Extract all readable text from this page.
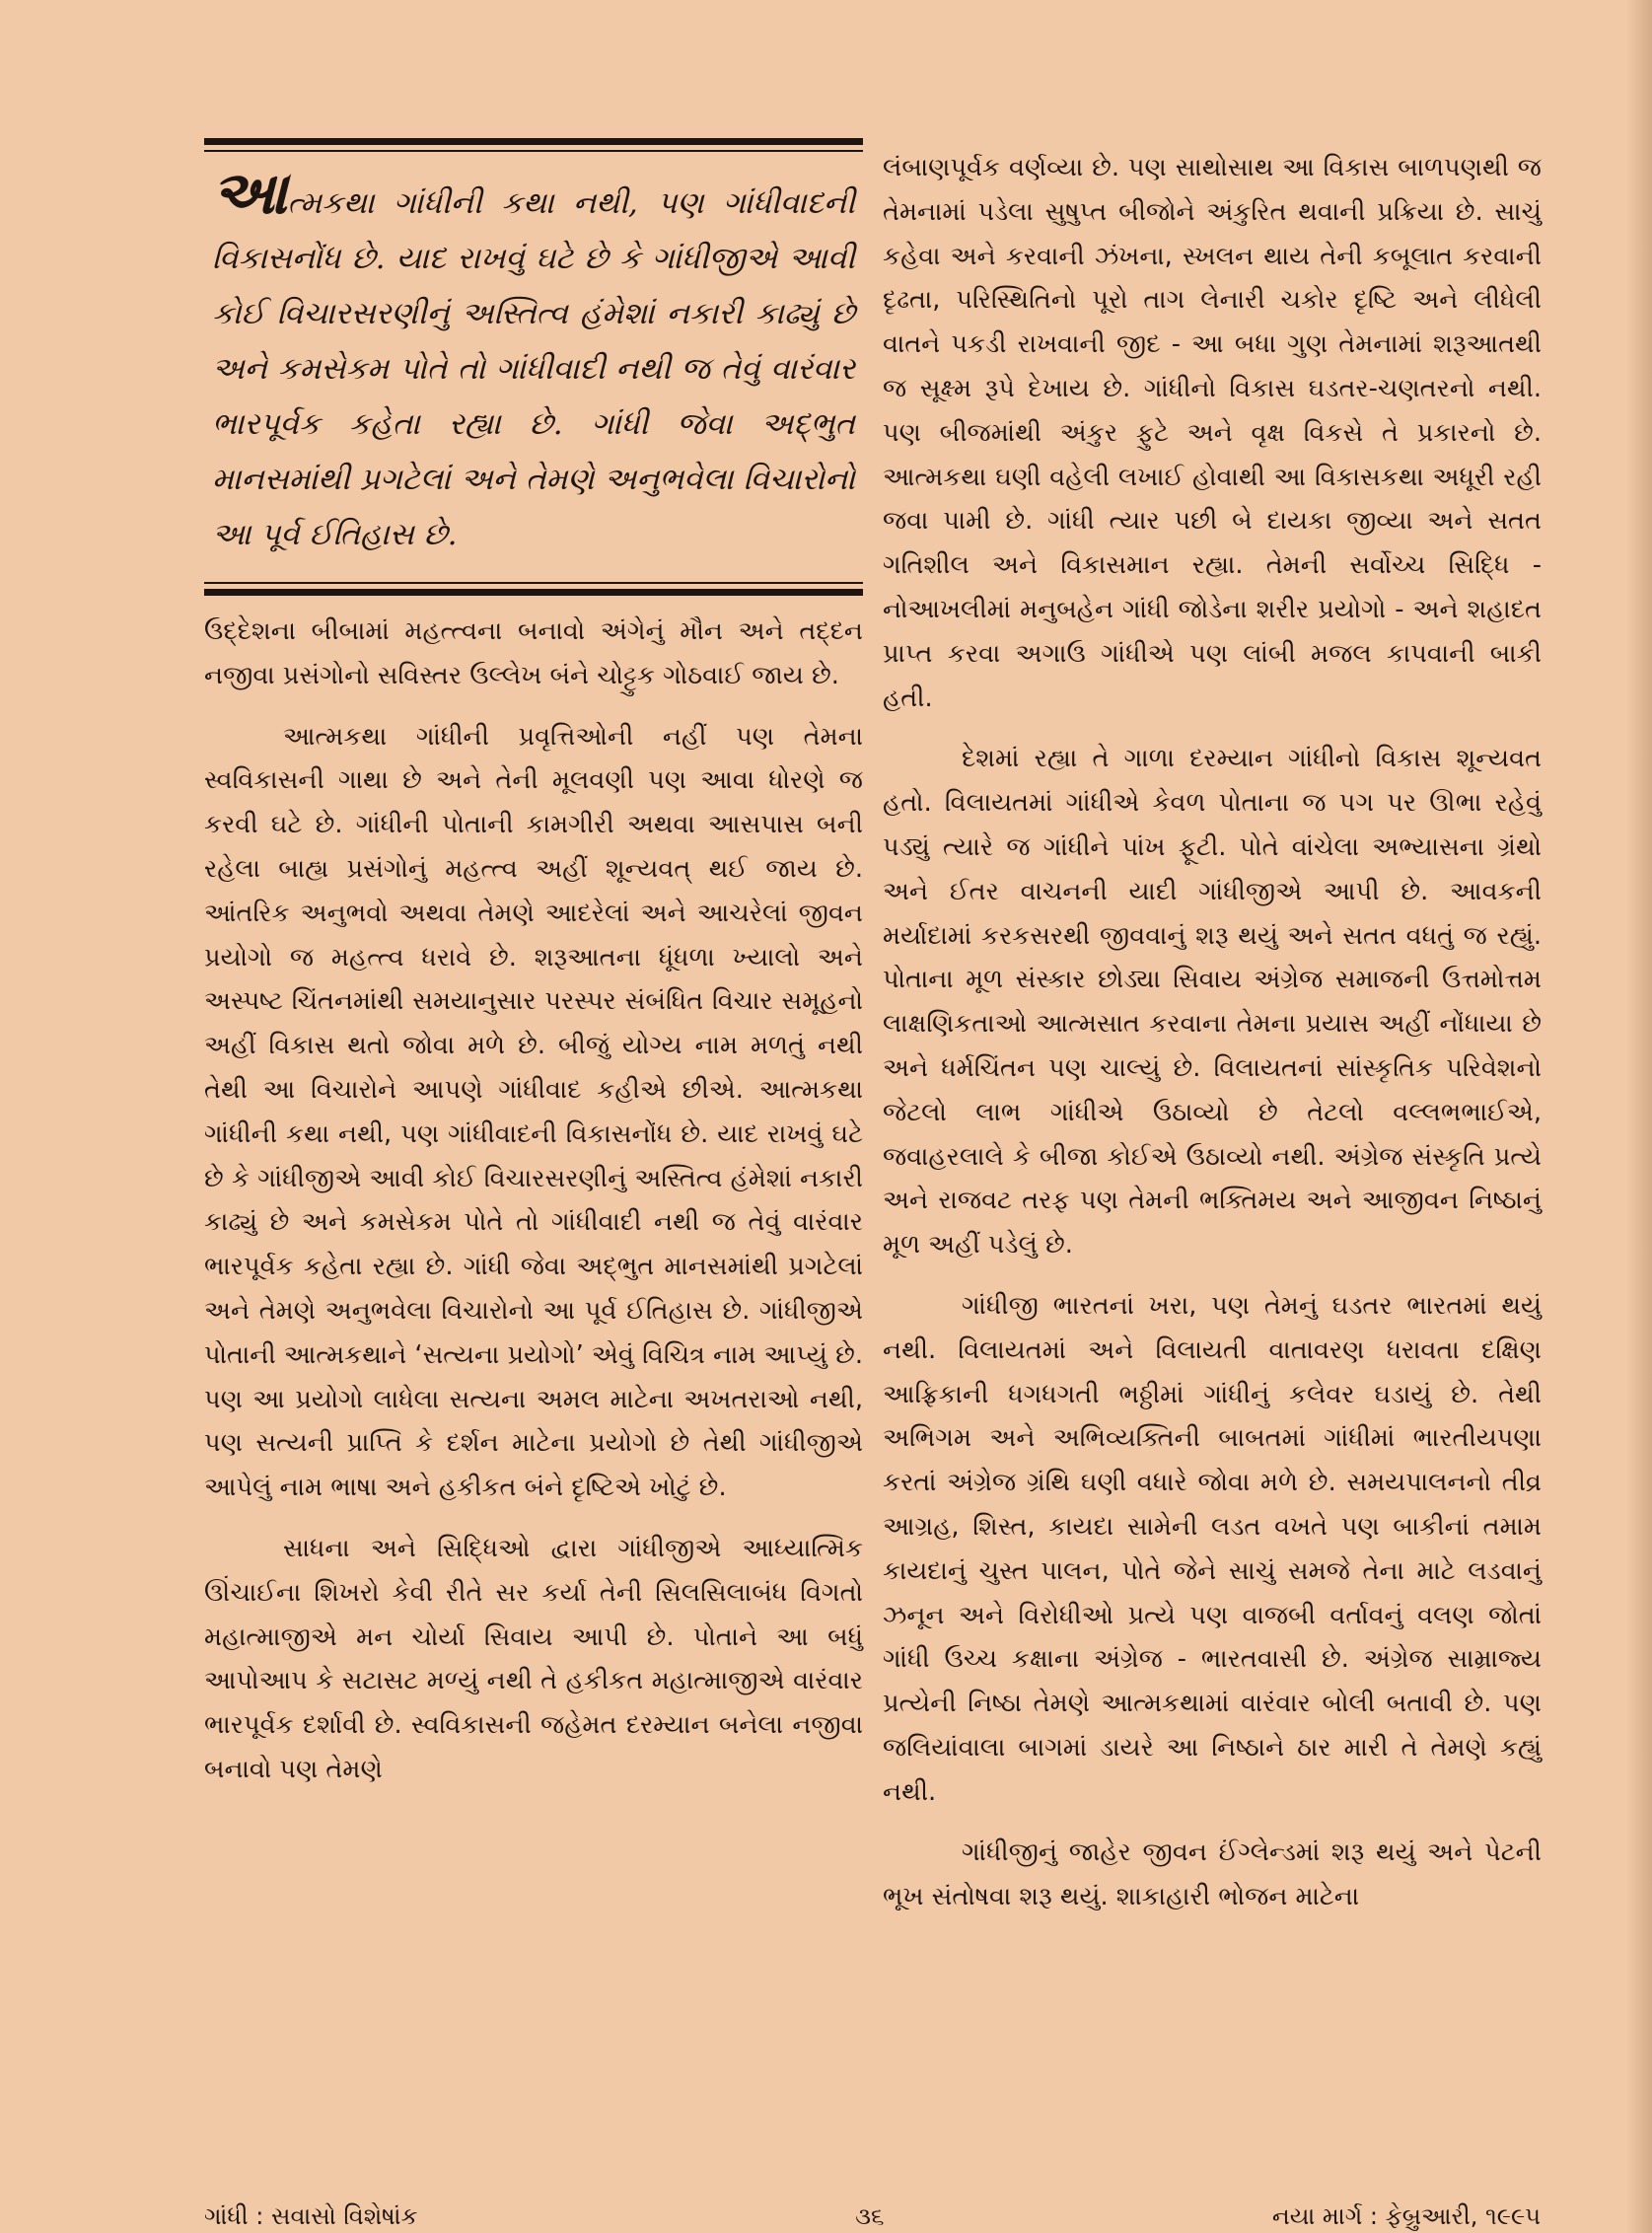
આત્મકથા ગાંધીની કથા નથી, પણ ગાંધીવાદની વિકાસનોંધ છે. યાદ રાખવું ઘટે છે કે ગાંધીજીએ આવી કોઈ વિચારસરણીનું અસ્તિત્વ હંમેશાં નકારી કાઢ્યું છે અને કમસેકમ પોતે તો ગાંધીવાદી નથી જ તેવું વારંવાર ભારપૂર્વક કહેતા રહ્યા છે. ગાંધી જેવા અદ્ભુત માનસમાંથી પ્રગટેલાં અને તેમણે અનુભવેલા વિચારોનો આ પૂર્વ ઈતિહાસ છે.

ઉદ્દેશના બીબામાં મહત્ત્વના બનાવો અંગેનું મૌન અને તદ્દન નજીવા પ્રસંગોનો સવિસ્તર ઉલ્લેખ બંને ચોટ્ટુક ગોઠવાઈ જાય છે.

આત્મકથા ગાંધીની પ્રવૃત્તિઓની નહીં પણ તેમના સ્વવિકાસની ગાથા છે અને તેની મૂલવણી પણ આવા ધોરણે જ કરવી ઘટે છે. ગાંધીની પોતાની કામગીરી અથવા આસપાસ બની રહેલા બાહ્ય પ્રસંગોનું મહત્ત્વ અહીં શૂન્યવત્ થઈ જાય છે. આંતરિક અનુભવો અથવા તેમણે આદરેલાં અને આચરેલાં જીવન પ્રયોગો જ મહત્ત્વ ધરાવે છે. શરૂઆતના ધૂંધળા ખ્યાલો અને અસ્પષ્ટ ચિંતનમાંથી સમયાનુસાર પરસ્પર સંબંધિત વિચાર સમૂહનો અહીં વિકાસ થતો જોવા મળે છે. બીજું યોગ્ય નામ મળતું નથી તેથી આ વિચારોને આપણે ગાંધીવાદ કહીએ છીએ. આત્મકથા ગાંધીની કથા નથી, પણ ગાંધીવાદની વિકાસનોંધ છે. યાદ રાખવું ઘટે છે કે ગાંધીજીએ આવી કોઈ વિચારસરણીનું અસ્તિત્વ હંમેશાં નકારી કાઢ્યું છે અને કમસેકમ પોતે તો ગાંધીવાદી નથી જ તેવું વારંવાર ભારપૂર્વક કહેતા રહ્યા છે. ગાંધી જેવા અદ્ભુત માનસમાંથી પ્રગટેલાં અને તેમણે અનુભવેલા વિચારોનો આ પૂર્વ ઈતિહાસ છે. ગાંધીજીએ પોતાની આત્મકથાને ‘સત્યના પ્રયોગો’ એવું વિચિત્ર નામ આપ્યું છે. પણ આ પ્રયોગો લાધેલા સત્યના અમલ માટેના અખતરાઓ નથી, પણ સત્યની પ્રાપ્તિ કે દર્શન માટેના પ્રયોગો છે તેથી ગાંધીજીએ આપેલું નામ ભાષા અને હકીકત બંને દૃષ્ટિએ ખોટું છે.

સાધના અને સિદ્ધિઓ દ્વારા ગાંધીજીએ આધ્યાત્મિક ઊંચાઈના શિખરો કેવી રીતે સર કર્યા તેની સિલસિલાબંધ વિગતો મહાત્માજીએ મન ચોર્યા સિવાય આપી છે. પોતાને આ બધું આપોઆપ કે સટાસટ મળ્યું નથી તે હકીકત મહાત્માજીએ વારંવાર ભારપૂર્વક દર્શાવી છે. સ્વવિકાસની જહેમત દરમ્યાન બનેલા નજીવા બનાવો પણ તેમણે

લંબાણપૂર્વક વર્ણવ્યા છે. પણ સાથોસાથ આ વિકાસ બાળપણથી જ તેમનામાં પડેલા સુષુપ્ત બીજોને અંકુરિત થવાની પ્રક્રિયા છે. સાચું કહેવા અને કરવાની ઝંખના, સ્ખલન થાય તેની કબૂલાત કરવાની દૃઢતા, પરિસ્થિતિનો પૂરો તાગ લેનારી ચકોર દૃષ્ટિ અને લીધેલી વાતને પકડી રાખવાની જીદ - આ બધા ગુણ તેમનામાં શરૂઆતથી જ સૂક્ષ્મ રૂપે દેખાય છે. ગાંધીનો વિકાસ ઘડતર-ચણતરનો નથી. પણ બીજમાંથી અંકુર ફુટે અને વૃક્ષ વિકસે તે પ્રકારનો છે. આત્મકથા ઘણી વહેલી લખાઈ હોવાથી આ વિકાસકથા અધૂરી રહી જવા પામી છે. ગાંધી ત્યાર પછી બે દાયકા જીવ્યા અને સતત ગતિશીલ અને વિકાસમાન રહ્યા. તેમની સર્વોચ્ચ સિદ્ધિ - નોઆખલીમાં મનુબહેન ગાંધી જોડેના શરીર પ્રયોગો - અને શહાદત પ્રાપ્ત કરવા અગાઉ ગાંધીએ પણ લાંબી મજલ કાપવાની બાકી હતી.

દેશમાં રહ્યા તે ગાળા દરમ્યાન ગાંધીનો વિકાસ શૂન્યવત હતો. વિલાયતમાં ગાંધીએ કેવળ પોતાના જ પગ પર ઊભા રહેવું પડ્યું ત્યારે જ ગાંધીને પાંખ ફૂટી. પોતે વાંચેલા અભ્યાસના ગ્રંથો અને ઈતર વાચનની યાદી ગાંધીજીએ આપી છે. આવકની મર્યાદામાં કરકસરથી જીવવાનું શરૂ થયું અને સતત વધતું જ રહ્યું. પોતાના મૂળ સંસ્કાર છોડ્યા સિવાય અંગ્રેજ સમાજની ઉત્તમોત્તમ લાક્ષણિકતાઓ આત્મસાત કરવાના તેમના પ્રયાસ અહીં નોંધાયા છે અને ધર્મચિંતન પણ ચાલ્યું છે. વિલાયતનાં સાંસ્કૃતિક પરિવેશનો જેટલો લાભ ગાંધીએ ઉઠાવ્યો છે તેટલો વલ્લભભાઈએ, જવાહરલાલે કે બીજા કોઈએ ઉઠાવ્યો નથી. અંગ્રેજ સંસ્કૃતિ પ્રત્યે અને રાજવટ તરફ પણ તેમની ભક્તિમય અને આજીવન નિષ્ઠાનું મૂળ અહીં પડેલું છે.

ગાંધીજી ભારતનાં ખરા, પણ તેમનું ઘડતર ભારતમાં થયું નથી. વિલાયતમાં અને વિલાયતી વાતાવરણ ધરાવતા દક્ષિણ આફ્રિકાની ધગધગતી ભઠ્ઠીમાં ગાંધીનું કલેવર ઘડાયું છે. તેથી અભિગમ અને અભિવ્યક્તિની બાબતમાં ગાંધીમાં ભારતીયપણા કરતાં અંગ્રેજ ગ્રંથિ ઘણી વધારે જોવા મળે છે. સમયપાલનનો તીવ્ર આગ્રહ, શિસ્ત, કાયદા સામેની લડત વખતે પણ બાકીનાં તમામ કાયદાનું ચુસ્ત પાલન, પોતે જેને સાચું સમજે તેના માટે લડવાનું ઝનૂન અને વિરોધીઓ પ્રત્યે પણ વાજબી વર્તાવનું વલણ જોતાં ગાંધી ઉચ્ચ કક્ષાના અંગ્રેજ - ભારતવાસી છે. અંગ્રેજ સામ્રાજ્ય પ્રત્યેની નિષ્ઠા તેમણે આત્મકથામાં વારંવાર બોલી બતાવી છે. પણ જલિયાંવાલા બાગમાં ડાયરે આ નિષ્ઠાને ઠાર મારી તે તેમણે કહ્યું નથી.

ગાંધીજીનું જાહેર જીવન ઈંગ્લેન્ડમાં શરૂ થયું અને પેટની ભૂખ સંતોષવા શરૂ થયું. શાકાહારી ભોજન માટેના

ગાંધી : સવાસો વિશેષાંક	૩૬	નયા માર્ગ : ફેબ્રુઆરી, ૧૯૯૫
